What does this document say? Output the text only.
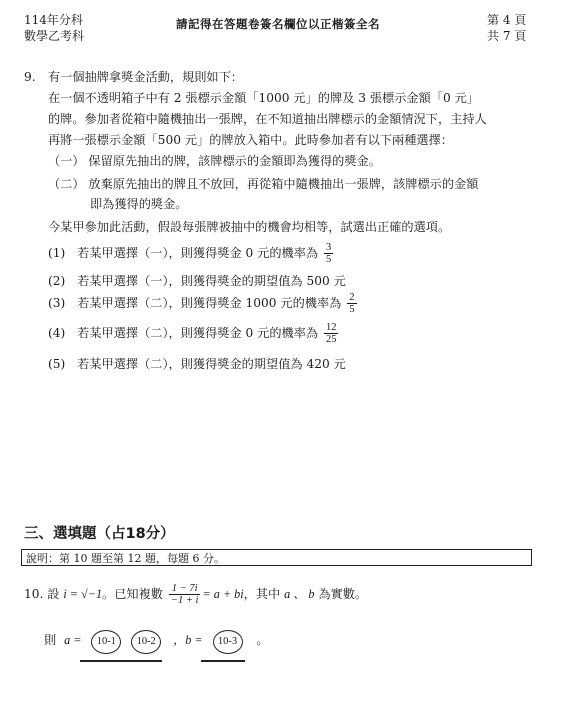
114年分科
數學乙考科
請記得在答題卷簽名欄位以正楷簽全名	第 4 頁
共 7 頁
9. 有一個抽牌拿獎金活動，規則如下：
在一個不透明箱子中有 2 張標示金額「1000 元」的牌及 3 張標示金額「0 元」
的牌。參加者從箱中隨機抽出一張牌，在不知道抽出牌標示的金額情況下，主持人
再將一張標示金額「500 元」的牌放入箱中。此時參加者有以下兩種選擇：
（一） 保留原先抽出的牌，該牌標示的金額即為獲得的獎金。
（二） 放棄原先抽出的牌且不放回，再從箱中隨機抽出一張牌，該牌標示的金額
即為獲得的獎金。
今某甲參加此活動，假設每張牌被抽中的機會均相等，試選出正確的選項。
(1) 若某甲選擇（一），則獲得獎金 0 元的機率為 $\frac{3}{5}$
(2) 若某甲選擇（一），則獲得獎金的期望值為 500 元
(3) 若某甲選擇（二），則獲得獎金 1000 元的機率為 $\frac{2}{5}$
(4) 若某甲選擇（二），則獲得獎金 0 元的機率為 $\frac{12}{25}$
(5) 若某甲選擇（二），則獲得獎金的期望值為 420 元
三、選填題（占18分）
說明：第 10 題至第 12 題，每題 6 分。
10. 設 i = √−1。已知複數 $\frac{1 - 7i}{-1 + i} = a$ + bi，其中 a 、 b 為實數。
則 a = 10-1 10-2 ，b = 10-3 。
